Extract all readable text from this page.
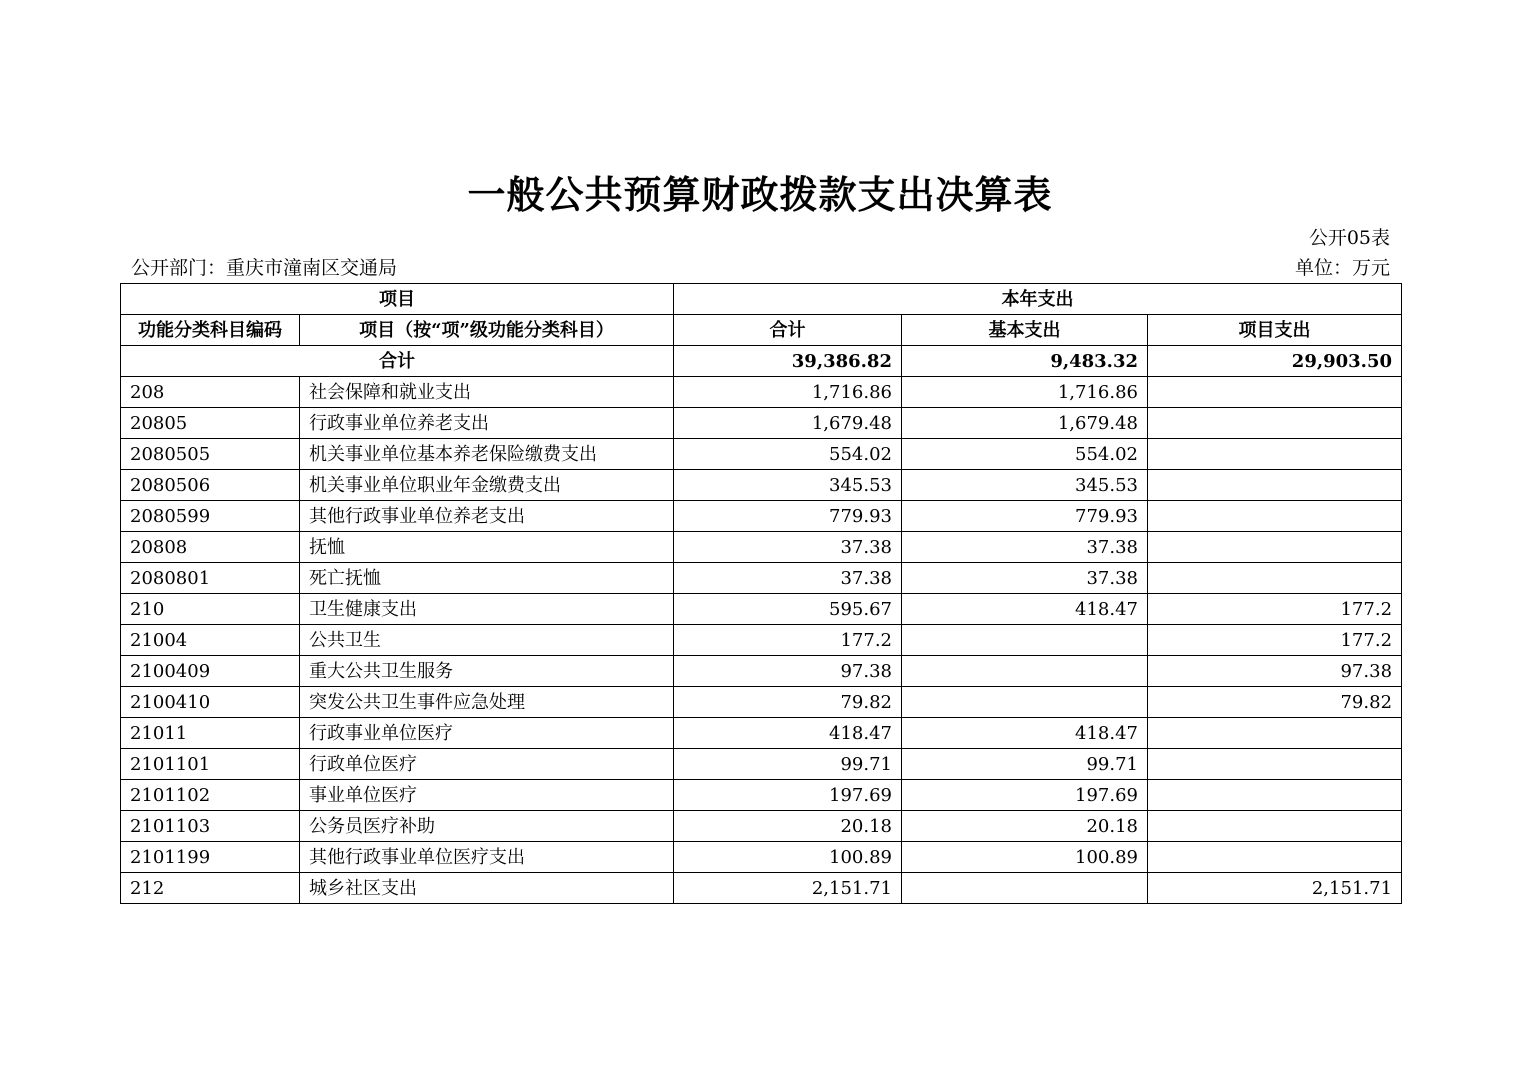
一般公共预算财政拨款支出决算表
公开05表
公开部门：重庆市潼南区交通局	单位：万元
项目		本年支出		
功能分类科目编码	项目（按“项”级功能分类科目）	合计	基本支出	项目支出
合计		39,386.82	9,483.32	29,903.50
208	社会保障和就业支出	1,716.86	1,716.86	
20805	行政事业单位养老支出	1,679.48	1,679.48	
2080505	机关事业单位基本养老保险缴费支出	554.02	554.02	
2080506	机关事业单位职业年金缴费支出	345.53	345.53	
2080599	其他行政事业单位养老支出	779.93	779.93	
20808	抚恤	37.38	37.38	
2080801	死亡抚恤	37.38	37.38	
210	卫生健康支出	595.67	418.47	177.2
21004	公共卫生	177.2		177.2
2100409	重大公共卫生服务	97.38		97.38
2100410	突发公共卫生事件应急处理	79.82		79.82
21011	行政事业单位医疗	418.47	418.47	
2101101	行政单位医疗	99.71	99.71	
2101102	事业单位医疗	197.69	197.69	
2101103	公务员医疗补助	20.18	20.18	
2101199	其他行政事业单位医疗支出	100.89	100.89	
212	城乡社区支出	2,151.71		2,151.71
